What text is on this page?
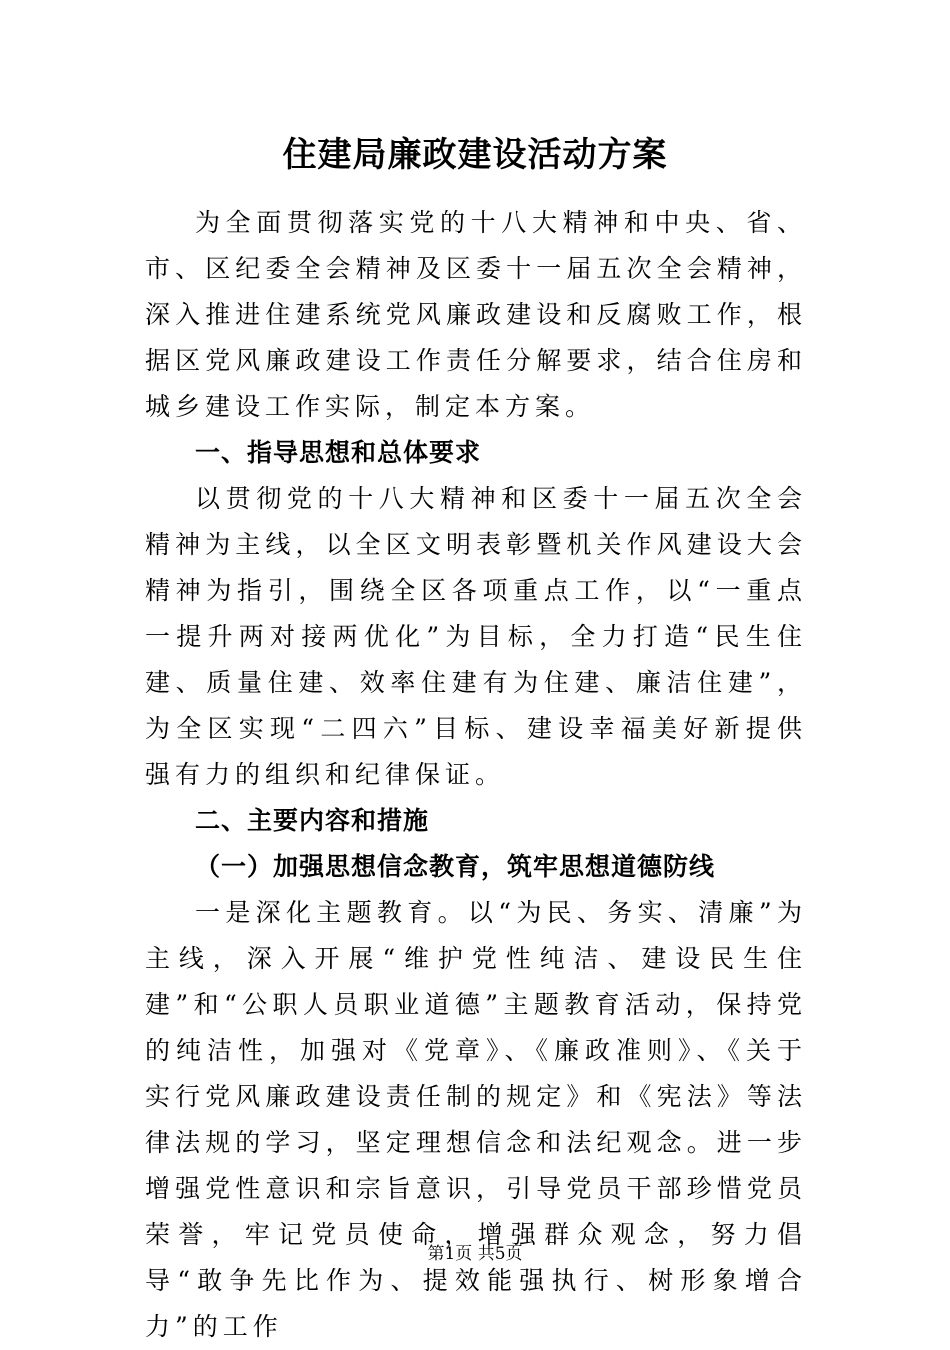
住建局廉政建设活动方案

为全面贯彻落实党的十八大精神和中央、省、市、区纪委全会精神及区委十一届五次全会精神，深入推进住建系统党风廉政建设和反腐败工作，根据区党风廉政建设工作责任分解要求，结合住房和城乡建设工作实际，制定本方案。

一、指导思想和总体要求

以贯彻党的十八大精神和区委十一届五次全会精神为主线，以全区文明表彰暨机关作风建设大会精神为指引，围绕全区各项重点工作，以“一重点一提升两对接两优化”为目标，全力打造“民生住建、质量住建、效率住建有为住建、廉洁住建”，为全区实现“二四六”目标、建设幸福美好新提供强有力的组织和纪律保证。

二、主要内容和措施

（一）加强思想信念教育，筑牢思想道德防线

一是深化主题教育。以“为民、务实、清廉”为主线，深入开展“维护党性纯洁、建设民生住建”和“公职人员职业道德”主题教育活动，保持党的纯洁性，加强对《党章》、《廉政准则》、《关于实行党风廉政建设责任制的规定》和《宪法》等法律法规的学习，坚定理想信念和法纪观念。进一步增强党性意识和宗旨意识，引导党员干部珍惜党员荣誉，牢记党员使命，增强群众观念，努力倡导“敢争先比作为、提效能强执行、树形象增合力”的工作

第1页 共5页
